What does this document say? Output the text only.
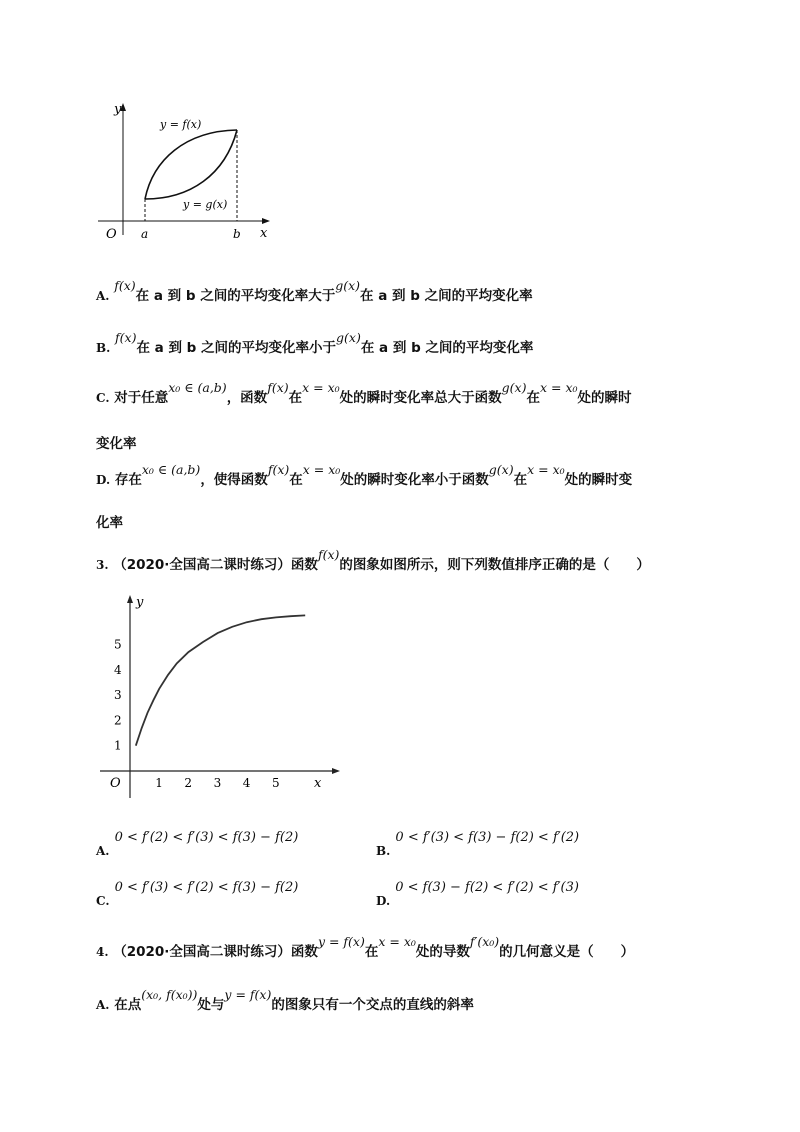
y
x
O a	b
y = f(x)
y = g(x)
A. f(x)在 a 到 b 之间的平均变化率大于g(x)在 a 到 b 之间的平均变化率
B. f(x)在 a 到 b 之间的平均变化率小于g(x)在 a 到 b 之间的平均变化率
C. 对于任意x₀ ∈ (a,b)，函数f(x)在x = x₀处的瞬时变化率总大于函数g(x)在x = x₀处的瞬时
变化率
D. 存在x₀ ∈ (a,b)，使得函数f(x)在x = x₀处的瞬时变化率小于函数g(x)在x = x₀处的瞬时变
化率
3. （2020·全国高二课时练习）函数f(x)的图象如图所示，则下列数值排序正确的是（　　）
y
x
O	1 2 3 4 5
1
2
3
4
5
$_{A.}$ 0 < f′(2) < f′(3) < f(3) − f(2)
$_{B.}$ 0 < f′(3) < f(3) − f(2) < f′(2)
$_{C.}$ 0 < f′(3) < f′(2) < f(3) − f(2)
$_{D.}$ 0 < f(3) − f(2) < f′(2) < f′(3)
4. （2020·全国高二课时练习）函数y = f(x)在x = x₀处的导数f′(x₀)的几何意义是（　　）
A. 在点(x₀, f(x₀))处与y = f(x)的图象只有一个交点的直线的斜率
